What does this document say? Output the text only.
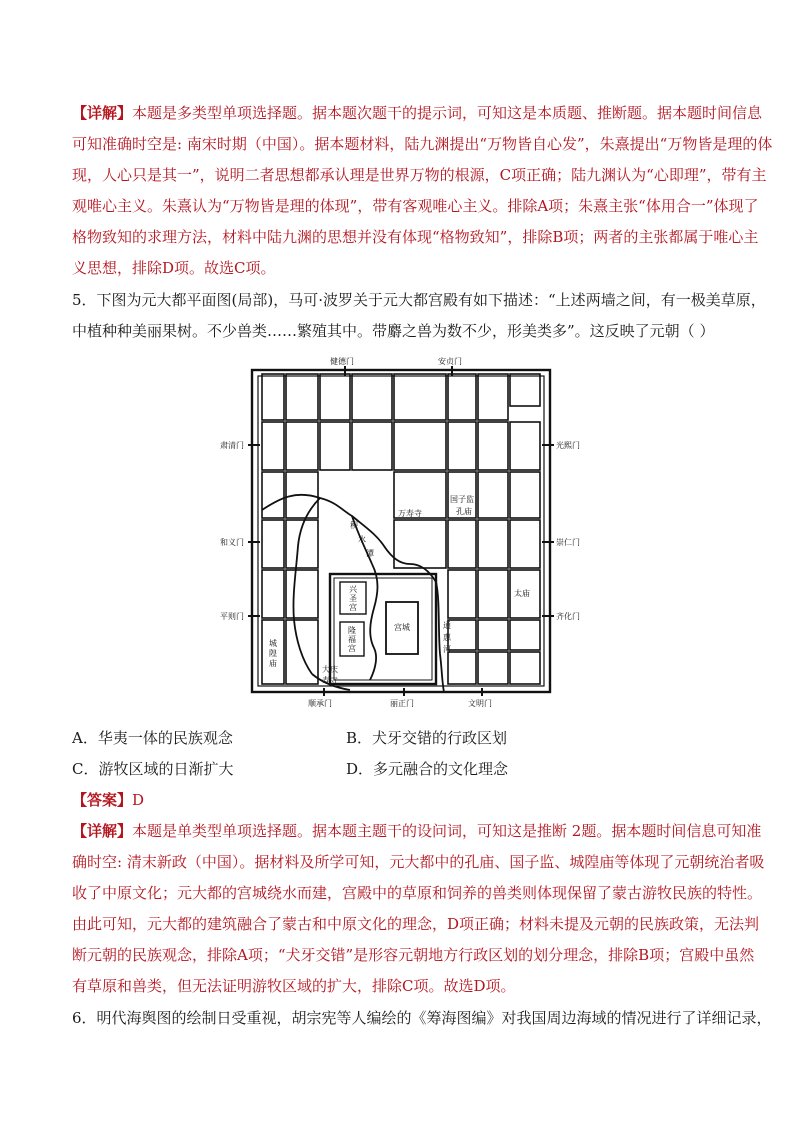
【详解】本题是多类型单项选择题。据本题次题干的提示词，可知这是本质题、推断题。据本题时间信息
可知准确时空是: 南宋时期（中国）。据本题材料，陆九渊提出“万物皆自心发”，朱熹提出“万物皆是理的体
现，人心只是其一”，说明二者思想都承认理是世界万物的根源，C项正确；陆九渊认为“心即理”，带有主
观唯心主义。朱熹认为“万物皆是理的体现”，带有客观唯心主义。排除A项；朱熹主张“体用合一”体现了
格物致知的求理方法，材料中陆九渊的思想并没有体现“格物致知”，排除B项；两者的主张都属于唯心主
义思想，排除D项。故选C项。
5．下图为元大都平面图(局部)，马可·波罗关于元大都宫殿有如下描述：“上述两墙之间，有一极美草原，
中植种种美丽果树。不少兽类……繁殖其中。带麝之兽为数不少，形美类多”。这反映了元朝（ ）
健德门	安贞门
肃清门	光熙门
和义门	崇仁门
平则门	齐化门
顺承门	丽正门	文明门
积
水
潭
万寿寺
国子监
孔庙
太庙
兴
圣
宫
隆
福
宫
宫城
城
隍
庙
通
惠
河
大庆
寿寺
A．华夷一体的民族观念	B．犬牙交错的行政区划
C．游牧区域的日渐扩大	D．多元融合的文化理念
【答案】D
【详解】本题是单类型单项选择题。据本题主题干的设问词，可知这是推断 2题。据本题时间信息可知准
确时空: 清末新政（中国）。据材料及所学可知，元大都中的孔庙、国子监、城隍庙等体现了元朝统治者吸
收了中原文化；元大都的宫城绕水而建，宫殿中的草原和饲养的兽类则体现保留了蒙古游牧民族的特性。
由此可知，元大都的建筑融合了蒙古和中原文化的理念，D项正确；材料未提及元朝的民族政策，无法判
断元朝的民族观念，排除A项；“犬牙交错”是形容元朝地方行政区划的划分理念，排除B项；宫殿中虽然
有草原和兽类，但无法证明游牧区域的扩大，排除C项。故选D项。
6．明代海舆图的绘制日受重视，胡宗宪等人编绘的《筹海图编》对我国周边海域的情况进行了详细记录，
